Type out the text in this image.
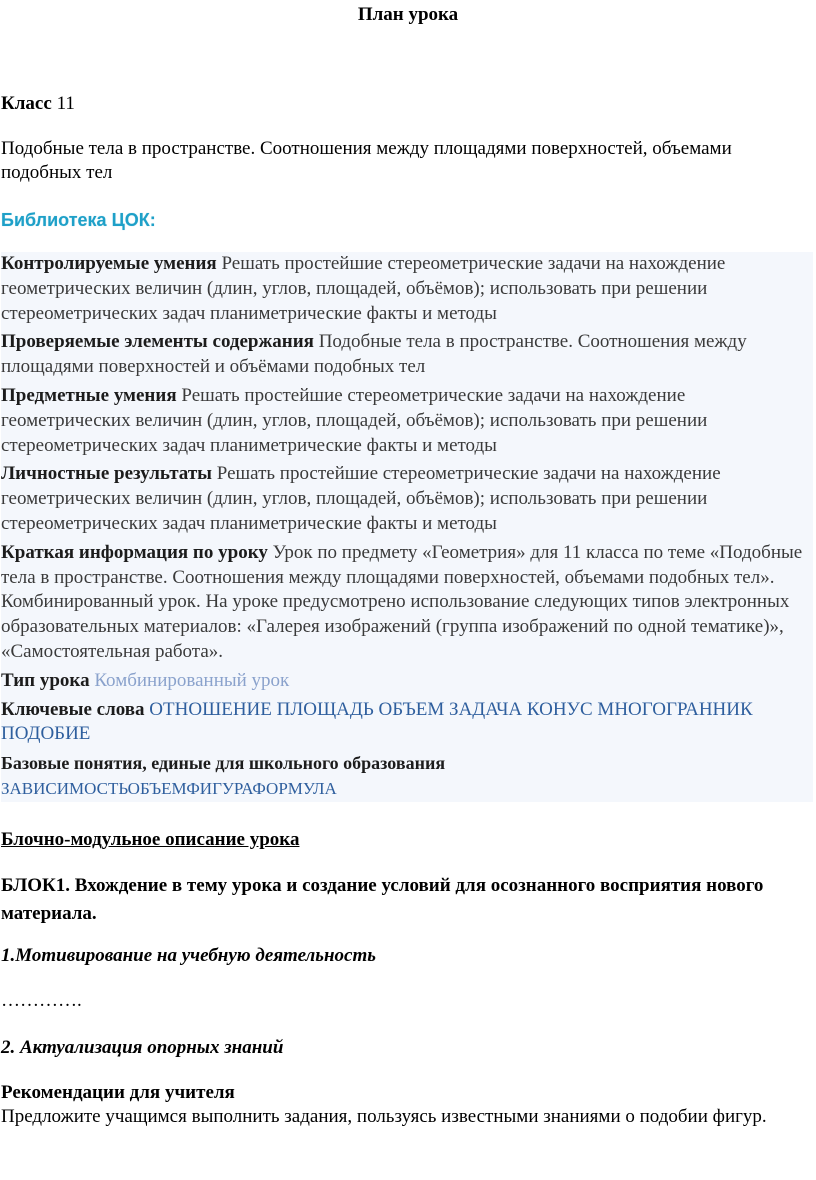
План урока
Класс 11
Подобные тела в пространстве. Соотношения между площадями поверхностей, объемами подобных тел
Библиотека ЦОК:

Контролируемые умения Решать простейшие стереометрические задачи на нахождение геометрических величин (длин, углов, площадей, объёмов); использовать при решении стереометрических задач планиметрические факты и методы

Проверяемые элементы содержания Подобные тела в пространстве. Соотношения между площадями поверхностей и объёмами подобных тел

Предметные умения Решать простейшие стереометрические задачи на нахождение геометрических величин (длин, углов, площадей, объёмов); использовать при решении стереометрических задач планиметрические факты и методы

Личностные результаты Решать простейшие стереометрические задачи на нахождение геометрических величин (длин, углов, площадей, объёмов); использовать при решении стереометрических задач планиметрические факты и методы

Краткая информация по уроку Урок по предмету «Геометрия» для 11 класса по теме «Подобные тела в пространстве. Соотношения между площадями поверхностей, объемами подобных тел». Комбинированный урок. На уроке предусмотрено использование следующих типов электронных образовательных материалов: «Галерея изображений (группа изображений по одной тематике)», «Самостоятельная работа».

Тип урока Комбинированный урок

Ключевые слова ОТНОШЕНИЕ ПЛОЩАДЬ ОБЪЕМ ЗАДАЧА КОНУС МНОГОГРАННИК ПОДОБИЕ

Базовые понятия, единые для школьного образования
ЗАВИСИМОСТЬОБЪЕМФИГУРАФОРМУЛА

Блочно-модульное описание урока
БЛОК1. Вхождение в тему урока и создание условий для осознанного восприятия нового материала.
1.Мотивирование на учебную деятельность
………….
2. Актуализация опорных знаний
Рекомендации для учителя
Предложите учащимся выполнить задания, пользуясь известными знаниями о подобии фигур.
